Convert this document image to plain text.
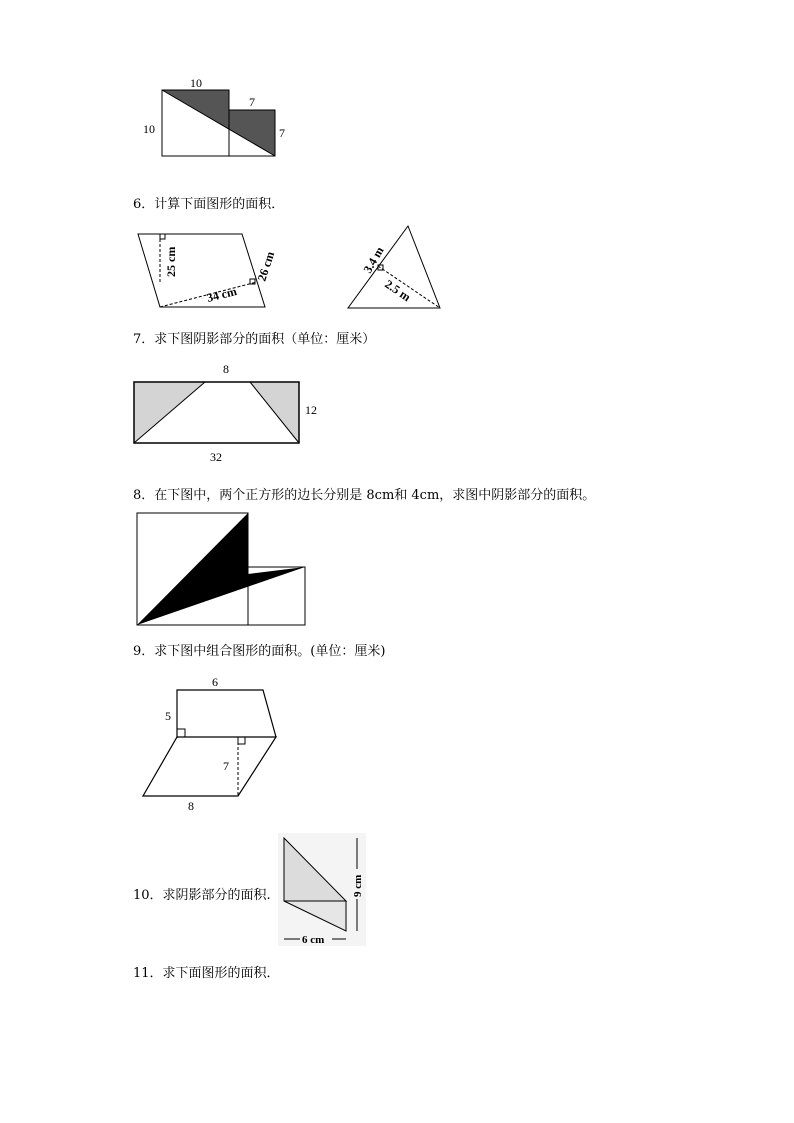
10
10
7
7
6．计算下面图形的面积．
25 cm
34 cm
26 cm	3.4 m
2.5 m
7．求下图阴影部分的面积（单位：厘米）
8
12
32
8．在下图中，两个正方形的边长分别是 8cm和 4cm，求图中阴影部分的面积。
9．求下图中组合图形的面积。(单位：厘米)
6
5
7
8
10．求阴影部分的面积.
6 cm
9 cm
11．求下面图形的面积．
